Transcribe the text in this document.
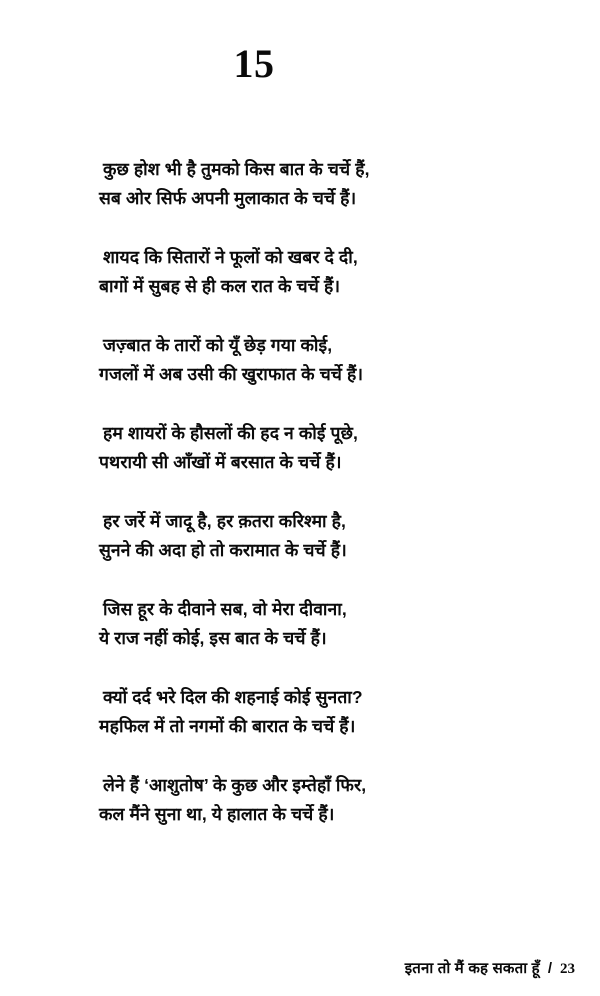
15
कुछ होश भी है तुमको किस बात के चर्चे हैं,
सब ओर सिर्फ अपनी मुलाकात के चर्चे हैं।
शायद कि सितारों ने फूलों को खबर दे दी,
बागों में सुबह से ही कल रात के चर्चे हैं।
जज़्बात के तारों को यूँ छेड़ गया कोई,
गजलों में अब उसी की खुराफात के चर्चे हैं।
हम शायरों के हौसलों की हद न कोई पूछे,
पथरायी सी आँखों में बरसात के चर्चे हैं।
हर जर्रे में जादू है, हर क़तरा करिश्मा है,
सुनने की अदा हो तो करामात के चर्चे हैं।
जिस हूर के दीवाने सब, वो मेरा दीवाना,
ये राज नहीं कोई, इस बात के चर्चे हैं।
क्यों दर्द भरे दिल की शहनाई कोई सुनता?
महफिल में तो नगमों की बारात के चर्चे हैं।
लेने हैं ‘आशुतोष’ के कुछ और इम्तेहाँ फिर,
कल मैंने सुना था, ये हालात के चर्चे हैं।
इतना तो मैं कह सकता हूँ / 23
